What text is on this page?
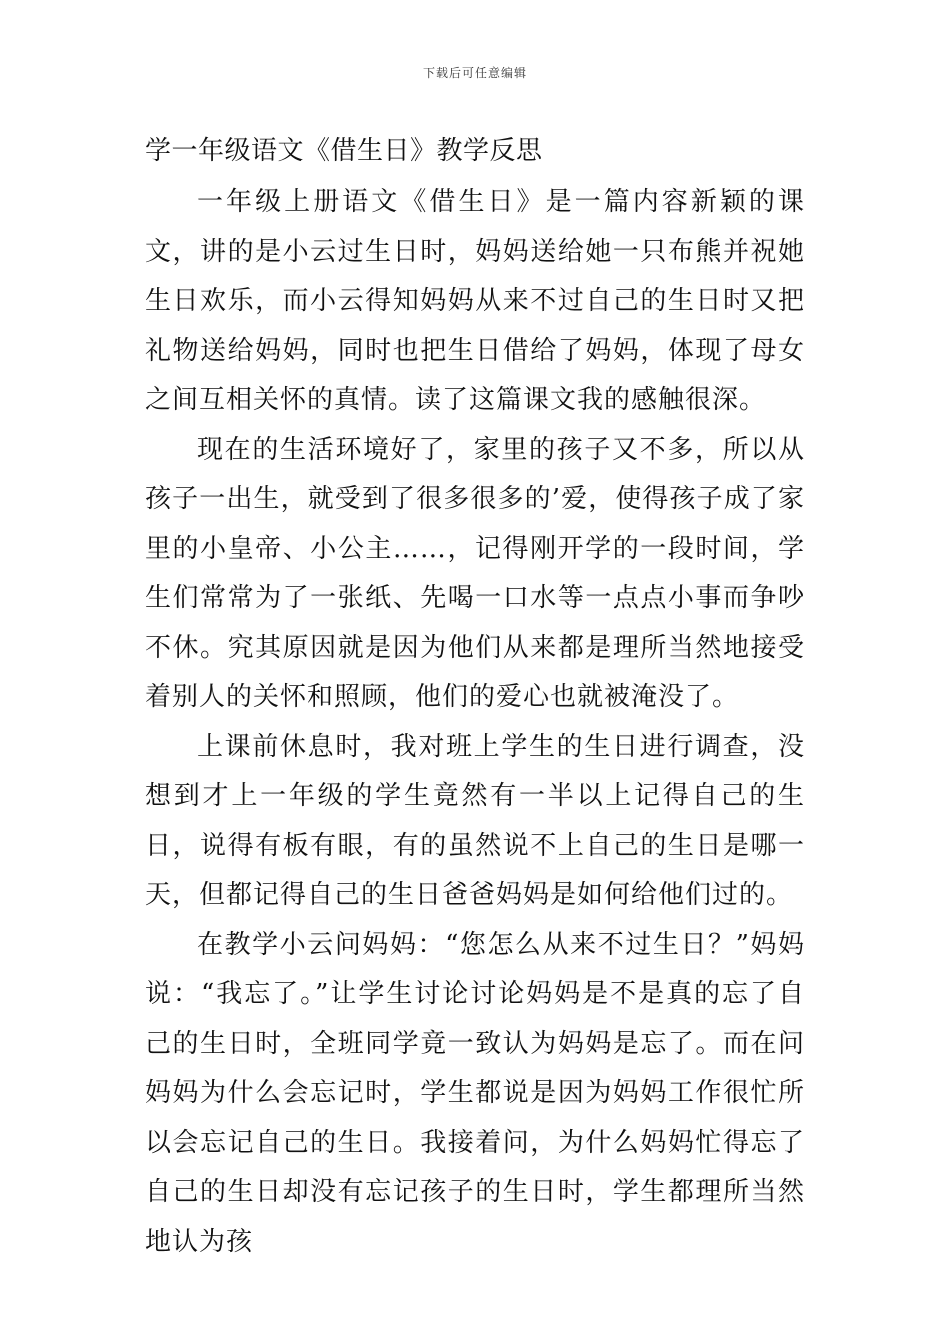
下载后可任意编辑
学一年级语文《借生日》教学反思

一年级上册语文《借生日》是一篇内容新颖的课文，讲的是小云过生日时，妈妈送给她一只布熊并祝她生日欢乐，而小云得知妈妈从来不过自己的生日时又把礼物送给妈妈，同时也把生日借给了妈妈，体现了母女之间互相关怀的真情。读了这篇课文我的感触很深。

现在的生活环境好了，家里的孩子又不多，所以从孩子一出生，就受到了很多很多的’爱，使得孩子成了家里的小皇帝、小公主……，记得刚开学的一段时间，学生们常常为了一张纸、先喝一口水等一点点小事而争吵不休。究其原因就是因为他们从来都是理所当然地接受着别人的关怀和照顾，他们的爱心也就被淹没了。

上课前休息时，我对班上学生的生日进行调查，没想到才上一年级的学生竟然有一半以上记得自己的生日，说得有板有眼，有的虽然说不上自己的生日是哪一天，但都记得自己的生日爸爸妈妈是如何给他们过的。

在教学小云问妈妈：“您怎么从来不过生日？”妈妈说：“我忘了。”让学生讨论讨论妈妈是不是真的忘了自己的生日时，全班同学竟一致认为妈妈是忘了。而在问妈妈为什么会忘记时，学生都说是因为妈妈工作很忙所以会忘记自己的生日。我接着问，为什么妈妈忙得忘了自己的生日却没有忘记孩子的生日时，学生都理所当然地认为孩
